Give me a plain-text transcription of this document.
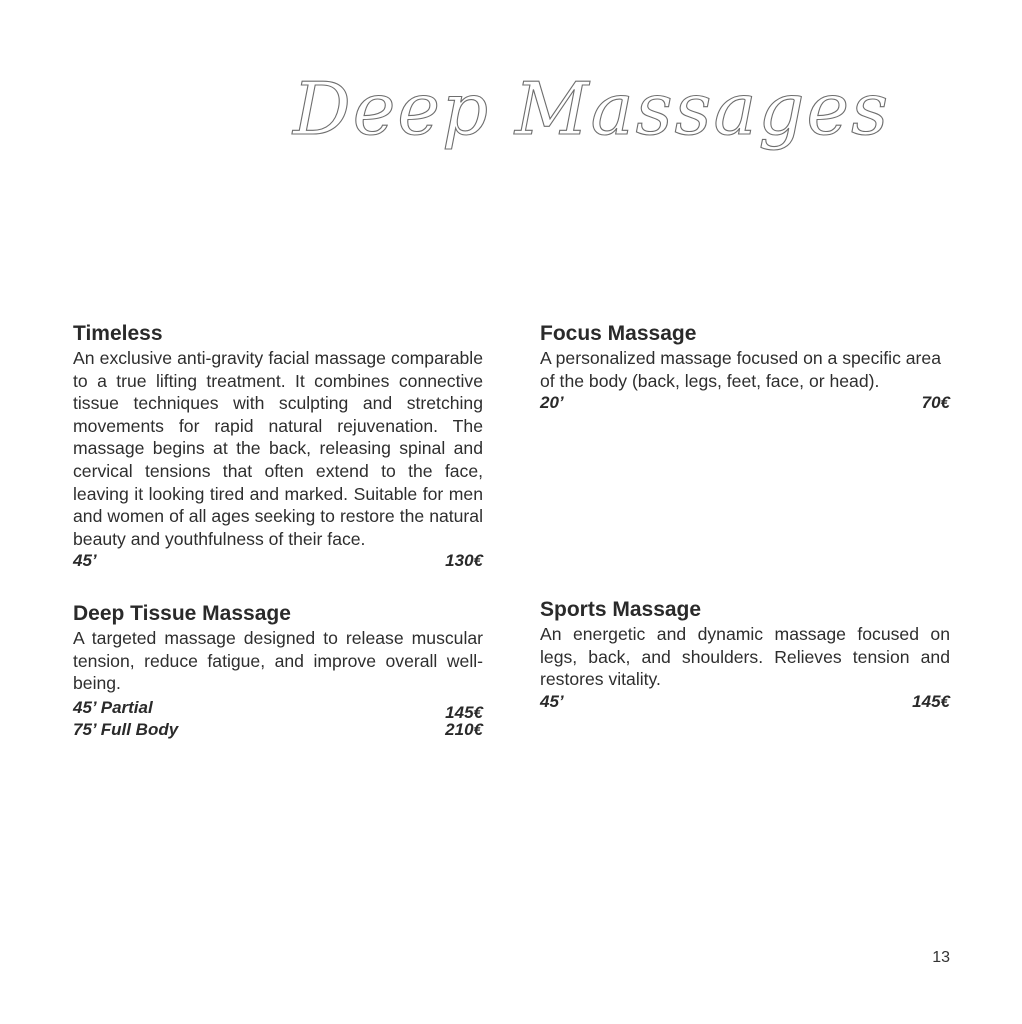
Deep Massages
Timeless

An exclusive anti-gravity facial massage comparable to a true lifting treatment. It combines connective tissue techniques with sculpting and stretching movements for rapid natural rejuvenation. The massage begins at the back, releasing spinal and cervical tensions that often extend to the face, leaving it looking tired and marked. Suitable for men and women of all ages seeking to restore the natural beauty and youthfulness of their face.

45’	130€
Focus Massage

A personalized massage focused on a specific area of the body (back, legs, feet, face, or head).

20’	70€
Deep Tissue Massage

A targeted massage designed to release muscular tension, reduce fatigue, and improve overall well-being.

45’ Partial	145€
75’ Full Body	210€
Sports Massage

An energetic and dynamic massage focused on legs, back, and shoulders. Relieves tension and restores vitality.

45’	145€
13
